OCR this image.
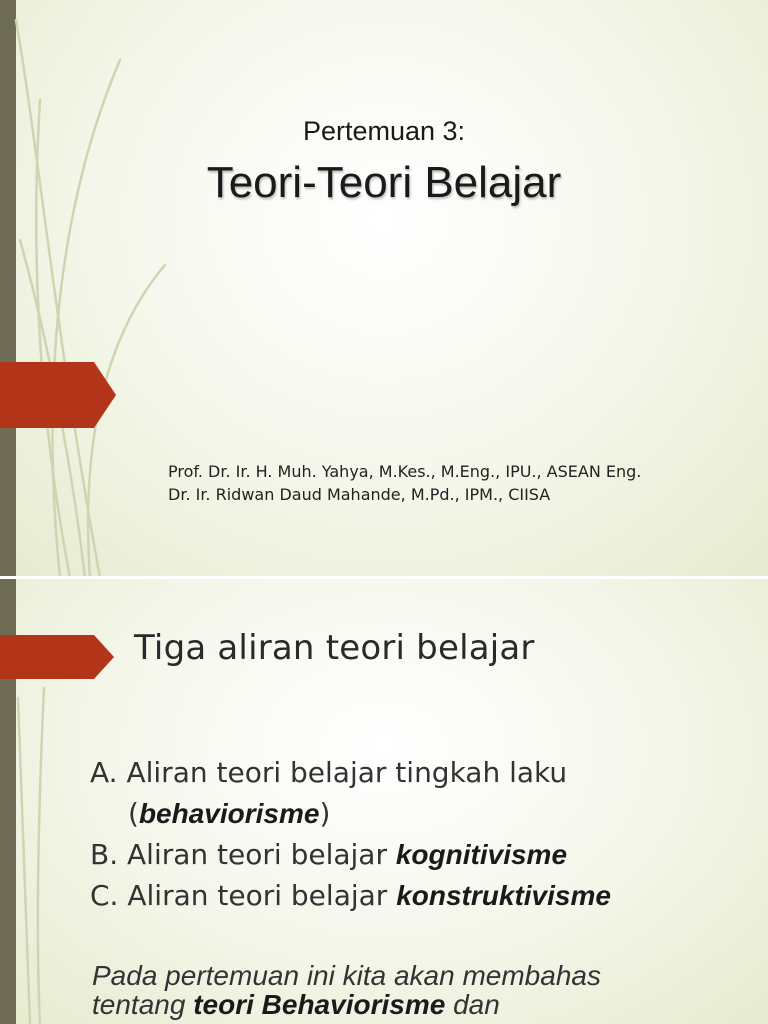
Pertemuan 3:
Teori-Teori Belajar
Prof. Dr. Ir. H. Muh. Yahya, M.Kes., M.Eng., IPU., ASEAN Eng.
Dr. Ir. Ridwan Daud Mahande, M.Pd., IPM., CIISA
Tiga aliran teori belajar
A. Aliran teori belajar tingkah laku
(behaviorisme)
B. Aliran teori belajar kognitivisme
C. Aliran teori belajar konstruktivisme
Pada pertemuan ini kita akan membahas
tentang teori Behaviorisme dan
